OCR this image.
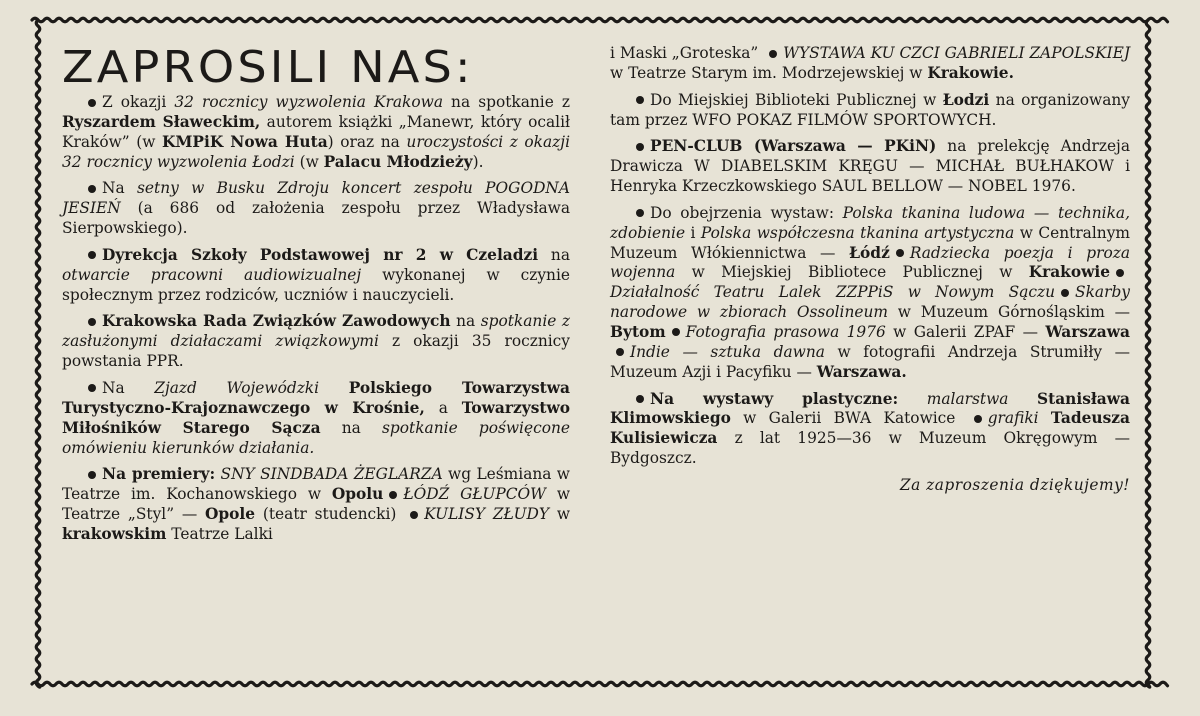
ZAPROSILI NAS:

Z okazji 32 rocznicy wyzwolenia Krakowa na spotkanie z Ryszardem Sławeckim, autorem książki „Manewr, który ocalił Kraków” (w KMPiK Nowa Huta) oraz na uroczystości z okazji 32 rocznicy wyzwolenia Łodzi (w Palacu Młodzieży).

Na setny w Busku Zdroju koncert zespołu POGODNA JESIEŃ (a 686 od założenia zespołu przez Władysława Sierpowskiego).

Dyrekcja Szkoły Podstawowej nr 2 w Czeladzi na otwarcie pracowni audiowizualnej wykonanej w czynie społecznym przez rodziców, uczniów i nauczycieli.

Krakowska Rada Związków Zawodowych na spotkanie z zasłużonymi działaczami związkowymi z okazji 35 rocznicy powstania PPR.

Na Zjazd Wojewódzki Polskiego Towarzystwa Turystyczno-Krajoznawczego w Krośnie, a Towarzystwo Miłośników Starego Sącza na spotkanie poświęcone omówieniu kierunków działania.

Na premiery: SNY SINDBADA ŻEGLARZA wg Leśmiana w Teatrze im. Kochanowskiego w Opolu ŁÓDŹ GŁUPCÓW w Teatrze „Styl” — Opole (teatr studencki) KULISY ZŁUDY w krakowskim Teatrze Lalki

i Maski „Groteska” WYSTAWA KU CZCI GABRIELI ZAPOLSKIEJ w Teatrze Starym im. Modrzejewskiej w Krakowie.

Do Miejskiej Biblioteki Publicznej w Łodzi na organizowany tam przez WFO POKAZ FILMÓW SPORTOWYCH.

PEN-CLUB (Warszawa — PKiN) na prelekcję Andrzeja Drawicza W DIABELSKIM KRĘGU — MICHAŁ BUŁHAKOW i Henryka Krzeczkowskiego SAUL BELLOW — NOBEL 1976.

Do obejrzenia wystaw: Polska tkanina ludowa — technika, zdobienie i Polska współczesna tkanina artystyczna w Centralnym Muzeum Włókiennictwa — Łódź Radziecka poezja i proza wojenna w Miejskiej Bibliotece Publicznej w KrakowieDziałalność Teatru Lalek ZZPPiS w Nowym Sączu Skarby narodowe w zbiorach Ossolineum w Muzeum Górnośląskim — Bytom Fotografia prasowa 1976 w Galerii ZPAF — WarszawaIndie — sztuka dawna w fotografii Andrzeja Strumiłły — Muzeum Azji i Pacyfiku — Warszawa.

Na wystawy plastyczne: malarstwa Stanisława Klimowskiego w Galerii BWA Katowice grafiki Tadeusza Kulisiewicza z lat 1925—36 w Muzeum Okręgowym — Bydgoszcz.

Za zaproszenia dziękujemy!
